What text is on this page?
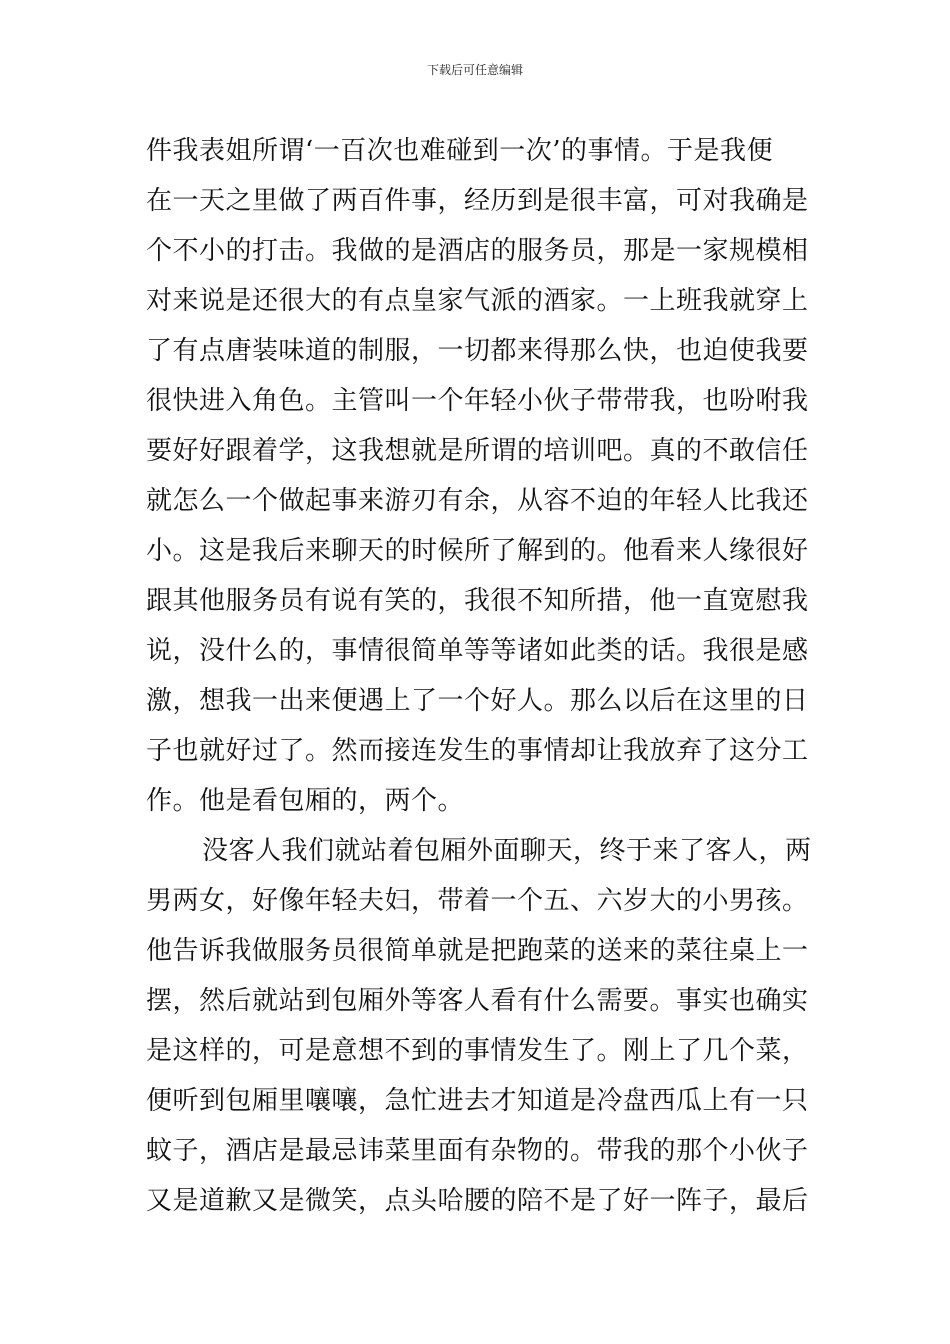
下载后可任意编辑
件我表姐所谓‘一百次也难碰到一次’的事情。于是我便
在一天之里做了两百件事，经历到是很丰富，可对我确是
个不小的打击。我做的是酒店的服务员，那是一家规模相
对来说是还很大的有点皇家气派的酒家。一上班我就穿上
了有点唐装味道的制服，一切都来得那么快，也迫使我要
很快进入角色。主管叫一个年轻小伙子带带我，也吩咐我
要好好跟着学，这我想就是所谓的培训吧。真的不敢信任
就怎么一个做起事来游刃有余，从容不迫的年轻人比我还
小。这是我后来聊天的时候所了解到的。他看来人缘很好
跟其他服务员有说有笑的，我很不知所措，他一直宽慰我
说，没什么的，事情很简单等等诸如此类的话。我很是感
激，想我一出来便遇上了一个好人。那么以后在这里的日
子也就好过了。然而接连发生的事情却让我放弃了这分工
作。他是看包厢的，两个。
没客人我们就站着包厢外面聊天，终于来了客人，两
男两女，好像年轻夫妇，带着一个五、六岁大的小男孩。
他告诉我做服务员很简单就是把跑菜的送来的菜往桌上一
摆，然后就站到包厢外等客人看有什么需要。事实也确实
是这样的，可是意想不到的事情发生了。刚上了几个菜，
便听到包厢里嚷嚷，急忙进去才知道是冷盘西瓜上有一只
蚊子，酒店是最忌讳菜里面有杂物的。带我的那个小伙子
又是道歉又是微笑，点头哈腰的陪不是了好一阵子，最后
